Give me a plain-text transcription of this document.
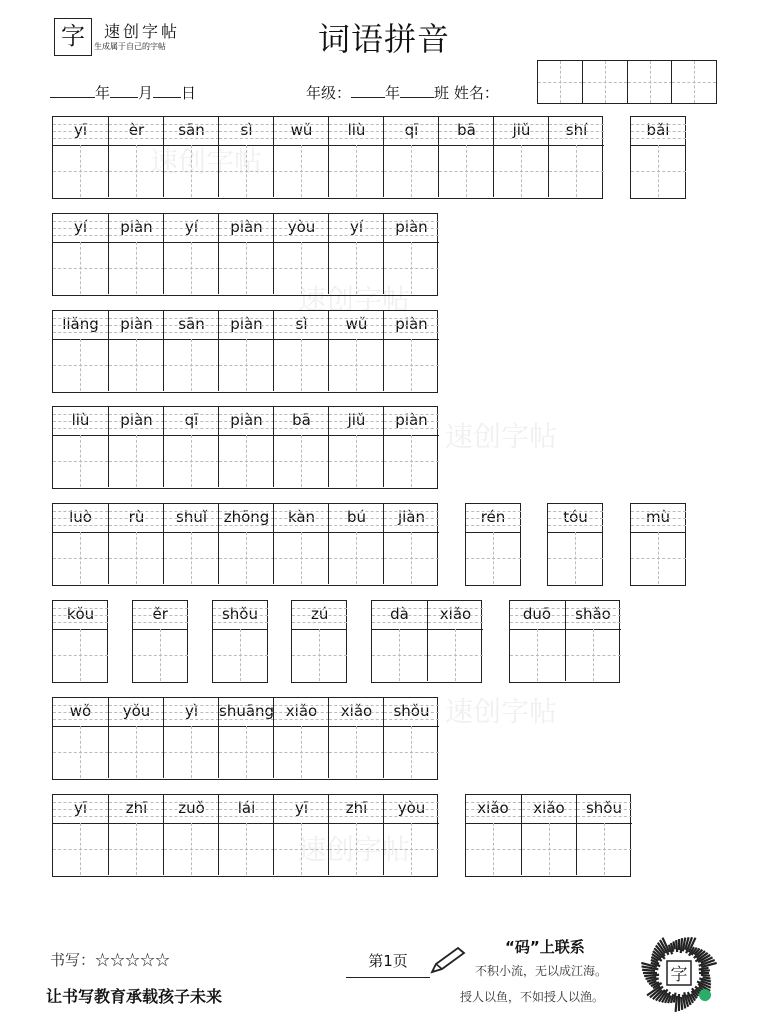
速创字帖
速创字帖
速创字帖
速创字帖
速创字帖
字	速创字帖
生成属于自己的字帖	词语拼音
年 月 日	年级： 年 班 姓名：
yī	èr	sān	sì	wǔ	liù	qī	bā	jiǔ	shí	bǎi
yí	piàn	yí	piàn	yòu	yí	piàn
liǎng	piàn	sān	piàn	sì	wǔ	piàn
liù	piàn	qī	piàn	bā	jiǔ	piàn
luò	rù	shuǐ	zhōng	kàn	bú	jiàn	rén	tóu	mù
kǒu	ěr	shǒu	zú	dà	xiǎo	duō	shǎo
wǒ	yǒu	yì	shuāng xiǎo	xiǎo	shǒu
yī	zhī	zuǒ	lái	yī	zhī	yòu	xiǎo	xiǎo	shǒu
书写：☆☆☆☆☆
让书写教育承载孩子未来
第1页
“码”上联系
不积小流，无以成江海。
授人以鱼，不如授人以渔。
字
